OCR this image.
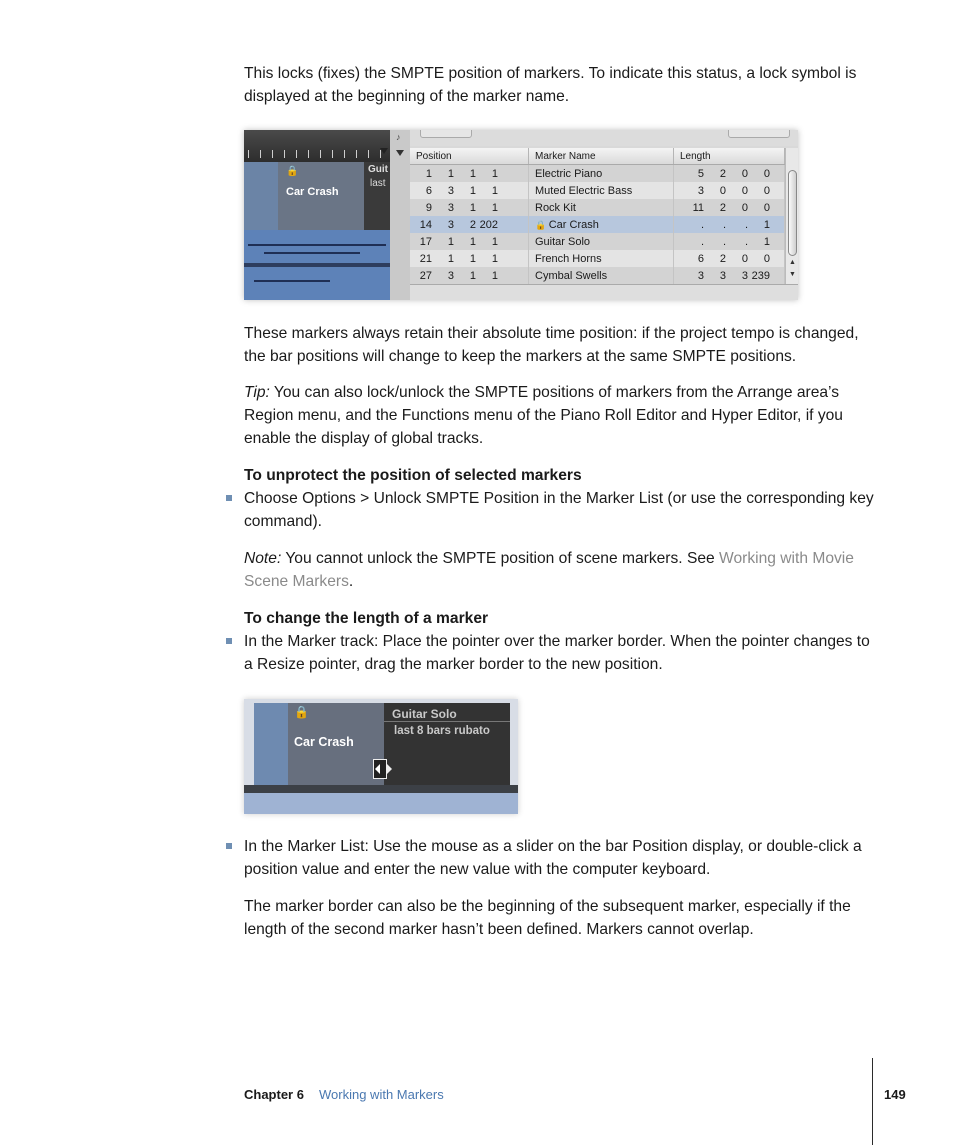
This locks (fixes) the SMPTE position of markers. To indicate this status, a lock symbol is displayed at the beginning of the marker name.

🔒
Car Crash
Guit
last
♪
Position	Marker Name	Length
1 1 1 1	Electric Piano	5 2 0 0
6 3 1 1	Muted Electric Bass	3 0 0 0
9 3 1 1	Rock Kit	11 2 0 0
14 3 2 202	🔒 Car Crash	. . . 1
17 1 1 1	Guitar Solo	. . . 1
21 1 1 1	French Horns	6 2 0 0
27 3 1 1	Cymbal Swells	3 3 3 239
▲
▼

These markers always retain their absolute time position: if the project tempo is changed, the bar positions will change to keep the markers at the same SMPTE positions.

Tip: You can also lock/unlock the SMPTE positions of markers from the Arrange area’s Region menu, and the Functions menu of the Piano Roll Editor and Hyper Editor, if you enable the display of global tracks.

To unprotect the position of selected markers

Choose Options > Unlock SMPTE Position in the Marker List (or use the corresponding key command).

Note: You cannot unlock the SMPTE position of scene markers. See Working with Movie Scene Markers.

To change the length of a marker

In the Marker track: Place the pointer over the marker border. When the pointer changes to a Resize pointer, drag the marker border to the new position.

🔒
Car Crash
Guitar Solo
last 8 bars rubato

In the Marker List: Use the mouse as a slider on the bar Position display, or double-click a position value and enter the new value with the computer keyboard.

The marker border can also be the beginning of the subsequent marker, especially if the length of the second marker hasn’t been defined. Markers cannot overlap.

Chapter 6 Working with Markers	149
